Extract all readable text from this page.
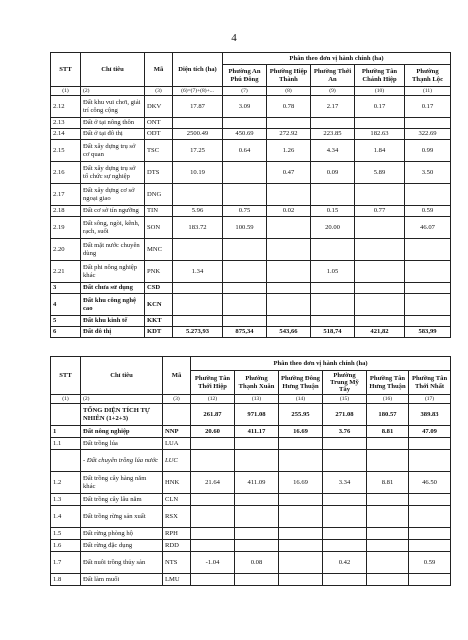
4
STT	Chỉ tiêu	Mã	Diện tích (ha)	Phân theo đơn vị hành chính (ha)				
				Phường An Phú Đông	Phường Hiệp Thành	Phường Thới An	Phường Tân Chánh Hiệp	Phường Thạnh Lộc
(1)	(2)	(3)	(6)=(7)+(8)+...	(7)	(8)	(9)	(10)	(11)
2.12	Đất khu vui chơi, giải trí công cộng	DKV	17.87	3.09	0.78	2.17	0.17	0.17
2.13	Đất ở tại nông thôn	ONT						
2.14	Đất ở tại đô thị	ODT	2500.49	450.69	272.92	223.85	182.63	322.69
2.15	Đất xây dựng trụ sở cơ quan	TSC	17.25	0.64	1.26	4.34	1.84	0.99
2.16	Đất xây dựng trụ sở tổ chức sự nghiệp	DTS	10.19		0.47	0.09	5.89	3.50
2.17	Đất xây dựng cơ sở ngoại giao	DNG						
2.18	Đất cơ sở tín ngưỡng	TIN	5.96	0.75	0.02	0.15	0.77	0.59
2.19	Đất sông, ngòi, kênh, rạch, suối	SON	183.72	100.59		20.00		46.07
2.20	Đất mặt nước chuyên dùng	MNC						
2.21	Đất phi nông nghiệp khác	PNK	1.34			1.05		
3	Đất chưa sử dụng	CSD						
4	Đất khu công nghệ cao	KCN						
5	Đất khu kinh tế	KKT						
6	Đất đô thị	KDT	5.273,93	875,34	543,66	518,74	421,82	583,99
STT	Chỉ tiêu	Mã	Phân theo đơn vị hành chính (ha)					
			Phường Tân Thới Hiệp	Phường Thạnh Xuân	Phường Đông Hưng Thuận	Phường Trung Mỹ Tây	Phường Tân Hưng Thuận	Phường Tân Thới Nhất
(1)	(2)	(3)	(12)	(13)	(14)	(15)	(16)	(17)
	TỔNG DIỆN TÍCH TỰ NHIÊN (1+2+3)		261.87	971.08	255.95	271.08	180.57	389.83
1	Đất nông nghiệp	NNP	20.60	411.17	16.69	3.76	8.81	47.09
1.1	Đất trồng lúa	LUA						
	- Đất chuyên trồng lúa nước	LUC						
1.2	Đất trồng cây hàng năm khác	HNK	21.64	411.09	16.69	3.34	8.81	46.50
1.3	Đất trồng cây lâu năm	CLN						
1.4	Đất trồng rừng sản xuất	RSX						
1.5	Đất rừng phòng hộ	RPH						
1.6	Đất rừng đặc dụng	RDD						
1.7	Đất nuôi trồng thủy sản	NTS	-1.04	0.08		0.42		0.59
1.8	Đất làm muối	LMU						
